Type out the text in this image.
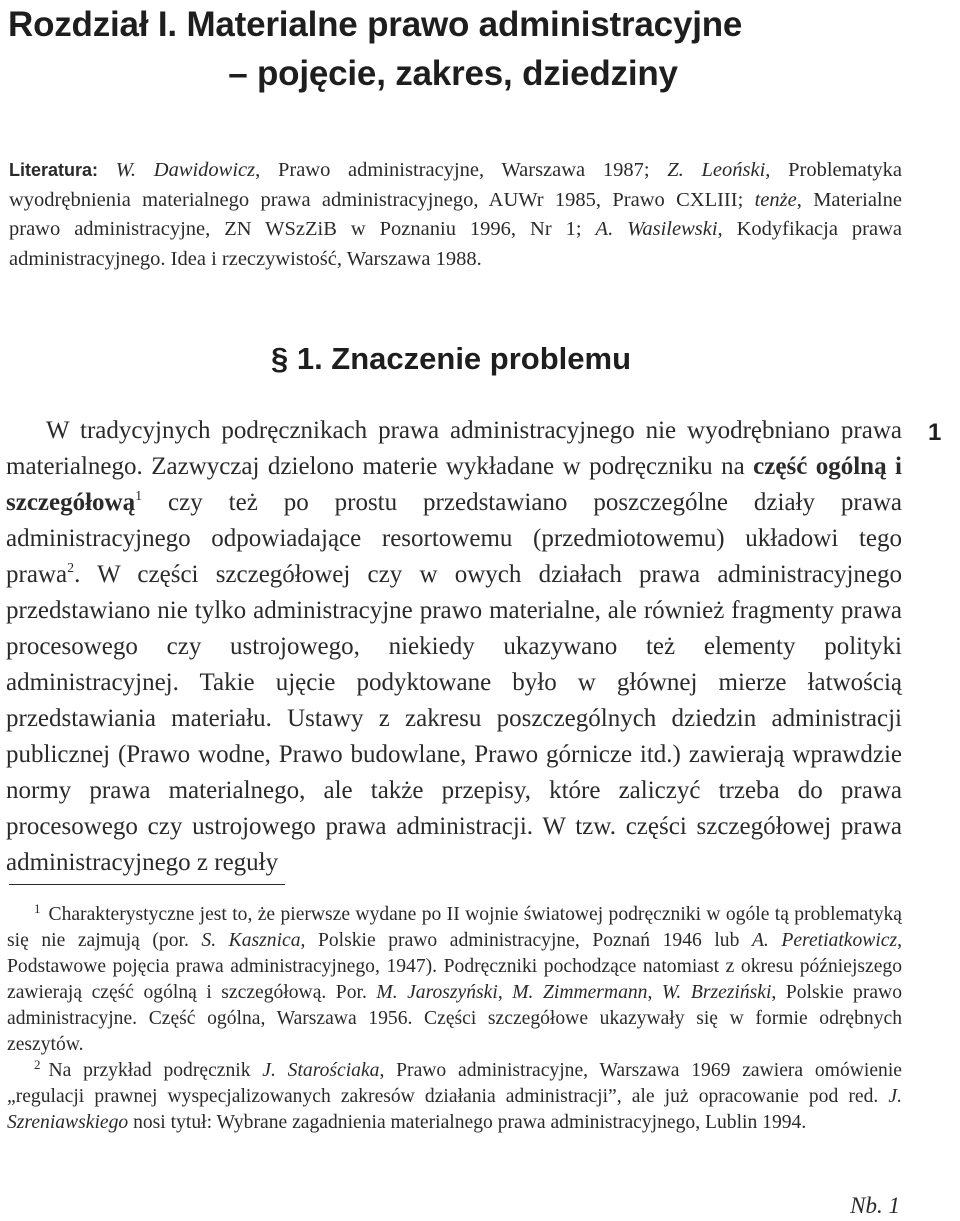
Rozdział I. Materialne prawo administracyjne
– pojęcie, zakres, dziedziny
Literatura: W. Dawidowicz, Prawo administracyjne, Warszawa 1987; Z. Leoński, Problematyka wyodrębnienia materialnego prawa administracyjnego, AUWr 1985, Prawo CXLIII; tenże, Materialne prawo administracyjne, ZN WSzZiB w Poznaniu 1996, Nr 1; A. Wasilewski, Kodyfikacja prawa administracyjnego. Idea i rzeczywistość, Warszawa 1988.
§ 1. Znaczenie problemu
1

W tradycyjnych podręcznikach prawa administracyjnego nie wyodrębniano prawa materialnego. Zazwyczaj dzielono materie wykładane w podręczniku na część ogólną i szczegółową$^1$ czy też po prostu przedstawiano poszczególne działy prawa administracyjnego odpowiadające resortowemu (przedmiotowemu) układowi tego prawa$^2$. W części szczegółowej czy w owych działach prawa administracyjnego przedstawiano nie tylko administracyjne prawo materialne, ale również fragmenty prawa procesowego czy ustrojowego, niekiedy ukazywano też elementy polityki administracyjnej. Takie ujęcie podyktowane było w głównej mierze łatwością przedstawiania materiału. Ustawy z zakresu poszczególnych dziedzin administracji publicznej (Prawo wodne, Prawo budowlane, Prawo górnicze itd.) zawierają wprawdzie normy prawa materialnego, ale także przepisy, które zaliczyć trzeba do prawa procesowego czy ustrojowego prawa administracji. W tzw. części szczegółowej prawa administracyjnego z reguły

$^1$ Charakterystyczne jest to, że pierwsze wydane po II wojnie światowej podręczniki w ogóle tą problematyką się nie zajmują (por. S. Kasznica, Polskie prawo administracyjne, Poznań 1946 lub A. Peretiatkowicz, Podstawowe pojęcia prawa administracyjnego, 1947). Podręczniki pochodzące natomiast z okresu późniejszego zawierają część ogólną i szczegółową. Por. M. Jaroszyński, M. Zimmermann, W. Brzeziński, Polskie prawo administracyjne. Część ogólna, Warszawa 1956. Części szczegółowe ukazywały się w formie odrębnych zeszytów.

$^2$ Na przykład podręcznik J. Starościaka, Prawo administracyjne, Warszawa 1969 zawiera omówienie „regulacji prawnej wyspecjalizowanych zakresów działania administracji”, ale już opracowanie pod red. J. Szreniawskiego nosi tytuł: Wybrane zagadnienia materialnego prawa administracyjnego, Lublin 1994.

Nb. 1
